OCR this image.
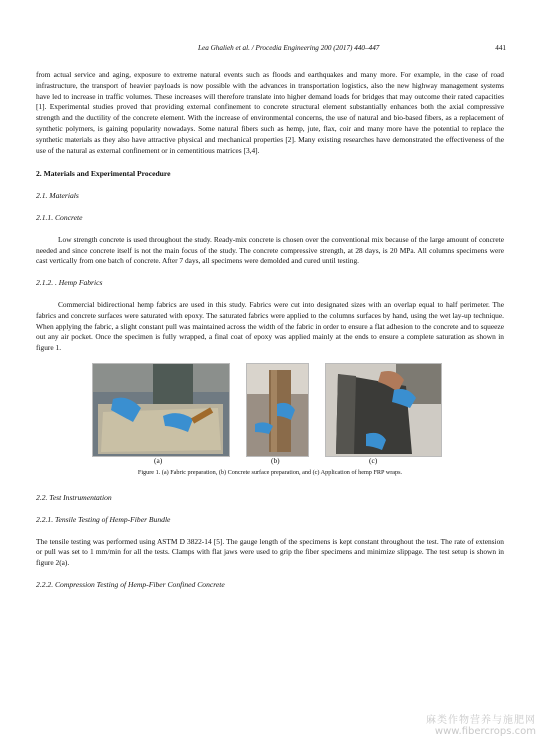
Lea Ghalieh et al. / Procedia Engineering 200 (2017) 440–447	441

from actual service and aging, exposure to extreme natural events such as floods and earthquakes and many more. For example, in the case of road infrastructure, the transport of heavier payloads is now possible with the advances in transportation logistics, also the new highway management systems have led to increase in traffic volumes. These increases will therefore translate into higher demand loads for bridges that may outcome their rated capacities [1]. Experimental studies proved that providing external confinement to concrete structural element substantially enhances both the axial compressive strength and the ductility of the concrete element. With the increase of environmental concerns, the use of natural and bio-based fibers, as a replacement of synthetic polymers, is gaining popularity nowadays. Some natural fibers such as hemp, jute, flax, coir and many more have the potential to replace the synthetic materials as they also have attractive physical and mechanical properties [2]. Many existing researches have demonstrated the effectiveness of the use of the natural as external confinement or in cementitious matrices [3,4].

2. Materials and Experimental Procedure
2.1. Materials
2.1.1. Concrete

Low strength concrete is used throughout the study. Ready-mix concrete is chosen over the conventional mix because of the large amount of concrete needed and since concrete itself is not the main focus of the study. The concrete compressive strength, at 28 days, is 20 MPa. All columns specimens were cast vertically from one batch of concrete. After 7 days, all specimens were demolded and cured until testing.

2.1.2. . Hemp Fabrics

Commercial bidirectional hemp fabrics are used in this study. Fabrics were cut into designated sizes with an overlap equal to half perimeter. The fabrics and concrete surfaces were saturated with epoxy. The saturated fabrics were applied to the columns surfaces by hand, using the wet lay-up technique. When applying the fabric, a slight constant pull was maintained across the width of the fabric in order to ensure a flat adhesion to the concrete and to squeeze out any air pocket. Once the specimen is fully wrapped, a final coat of epoxy was applied mainly at the ends to ensure a complete saturation as shown in figure 1.

(a)	(b)	(c)
Figure 1. (a) Fabric preparation, (b) Concrete surface preparation, and (c) Application of hemp FRP wraps.
2.2. Test Instrumentation
2.2.1. Tensile Testing of Hemp-Fiber Bundle

The tensile testing was performed using ASTM D 3822-14 [5]. The gauge length of the specimens is kept constant throughout the test. The rate of extension or pull was set to 1 mm/min for all the tests. Clamps with flat jaws were used to grip the fiber specimens and minimize slippage. The test setup is shown in figure 2(a).

2.2.2. Compression Testing of Hemp-Fiber Confined Concrete
麻类作物营养与施肥网
www.fibercrops.com
